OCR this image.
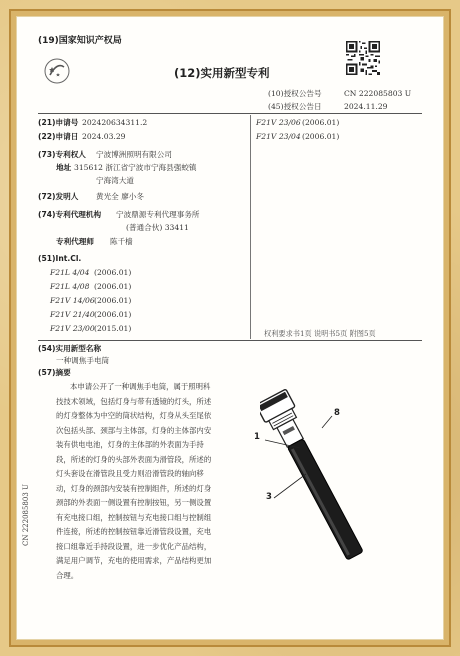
(19)国家知识产权局
(12)实用新型专利
(10)授权公告号	CN 222085803 U
(45)授权公告日	2024.11.29
(21)申请号 202420634311.2
(22)申请日 2024.03.29
(73)专利权人 宁波博洲照明有限公司
地址 315612 浙江省宁波市宁海县强蛟镇
宁海湾大道
(72)发明人 黄光全 廖小冬
(74)专利代理机构 宁波鼎源专利代理事务所
(普通合伙) 33411
专利代理师 陈千樯
(51)Int.Cl.
F21L 4/04 (2006.01)
F21L 4/08 (2006.01)
F21V 14/06 (2006.01)
F21V 21/40 (2006.01)
F21V 23/00 (2015.01)
F21V 23/06 (2006.01)
F21V 23/04 (2006.01)
权利要求书1页 说明书5页 附图5页
(54)实用新型名称
一种调焦手电筒
(57)摘要
本申请公开了一种调焦手电筒，属于照明科
技技术领域，包括灯身与带有透镜的灯头，所述
的灯身整体为中空的筒状结构，灯身从头至尾依
次包括头部、颈部与主体部，灯身的主体部内安
装有供电电池，灯身的主体部的外表面为手持
段，所述的灯身的头部外表面为滑管段，所述的
灯头套设在滑管段且受力则沿滑管段的轴向移
动，灯身的颈部内安装有控制组件，所述的灯身
颈部的外表面一侧设置有控制按钮，另一侧设置
有充电接口组，控制按钮与充电接口组与控制组
件连接，所述的控制按钮靠近滑管段设置，充电
接口组靠近手持段设置，进一步优化产品结构，
满足用户调节，充电的使用需求，产品结构更加
合理。
1
8
3
CN 222085803 U
